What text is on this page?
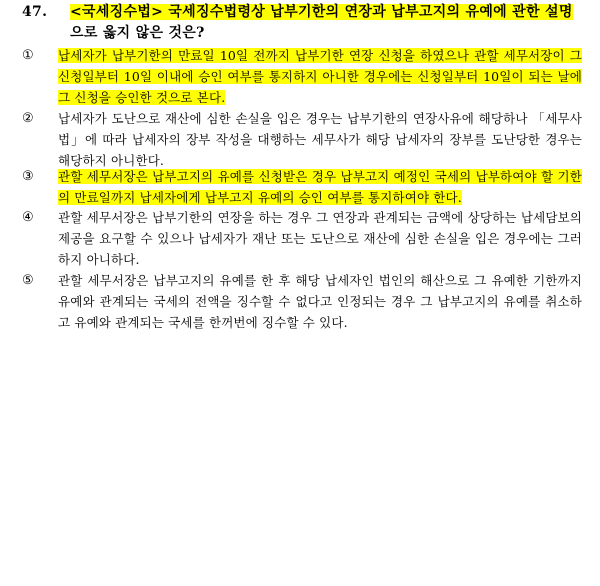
47. <국세징수법> 국세징수법령상 납부기한의 연장과 납부고지의 유예에 관한 설명으로 옳지 않은 것은?
①	납세자가 납부기한의 만료일 10일 전까지 납부기한 연장 신청을 하였으나 관할 세무서장이 그 신청일부터 10일 이내에 승인 여부를 통지하지 아니한 경우에는 신청일부터 10일이 되는 날에 그 신청을 승인한 것으로 본다.
②	납세자가 도난으로 재산에 심한 손실을 입은 경우는 납부기한의 연장사유에 해당하나 「세무사법」에 따라 납세자의 장부 작성을 대행하는 세무사가 해당 납세자의 장부를 도난당한 경우는 해당하지 아니한다.
③	관할 세무서장은 납부고지의 유예를 신청받은 경우 납부고지 예정인 국세의 납부하여야 할 기한의 만료일까지 납세자에게 납부고지 유예의 승인 여부를 통지하여야 한다.
④	관할 세무서장은 납부기한의 연장을 하는 경우 그 연장과 관계되는 금액에 상당하는 납세담보의 제공을 요구할 수 있으나 납세자가 재난 또는 도난으로 재산에 심한 손실을 입은 경우에는 그러하지 아니하다.
⑤	관할 세무서장은 납부고지의 유예를 한 후 해당 납세자인 법인의 해산으로 그 유예한 기한까지 유예와 관계되는 국세의 전액을 징수할 수 없다고 인정되는 경우 그 납부고지의 유예를 취소하고 유예와 관계되는 국세를 한꺼번에 징수할 수 있다.
